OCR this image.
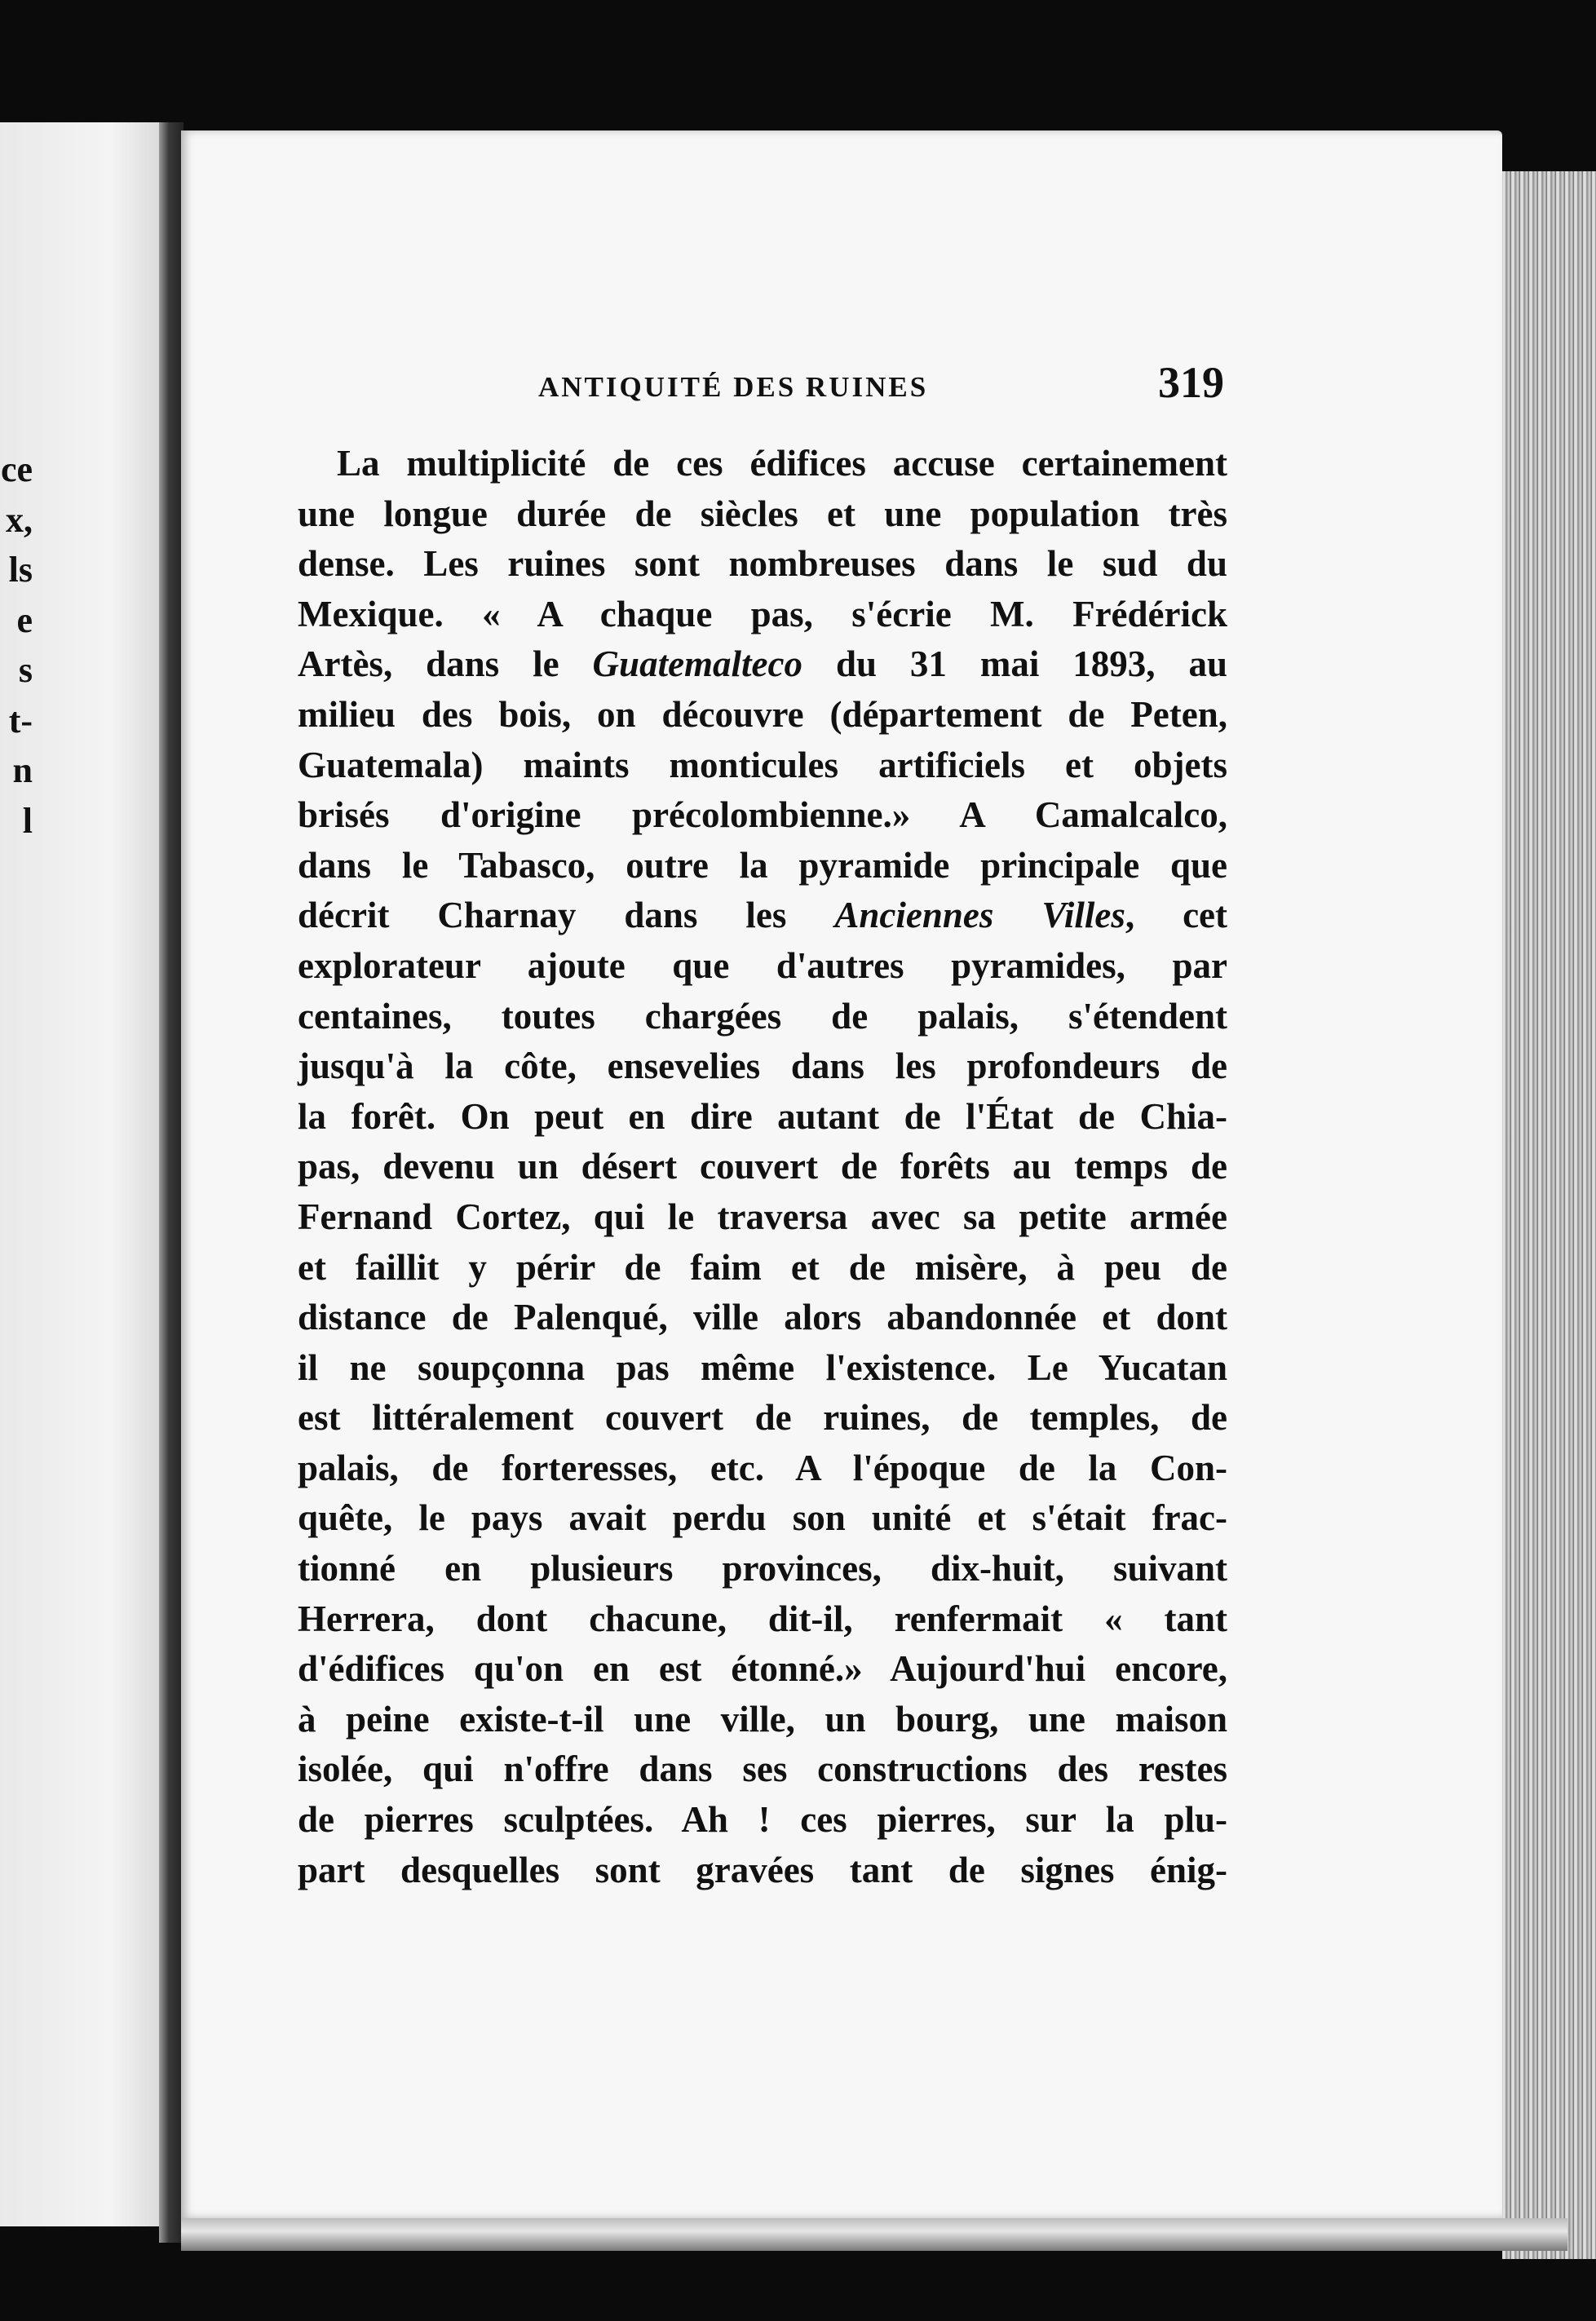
ce
x,
ls
e
s
t-
n
l
ANTIQUITÉ DES RUINES	319
La multiplicité de ces édifices accuse certainement
une longue durée de siècles et une population très
dense. Les ruines sont nombreuses dans le sud du
Mexique. « A chaque pas, s'écrie M. Frédérick
Artès, dans le Guatemalteco du 31 mai 1893, au
milieu des bois, on découvre (département de Peten,
Guatemala) maints monticules artificiels et objets
brisés d'origine précolombienne.» A Camalcalco,
dans le Tabasco, outre la pyramide principale que
décrit Charnay dans les Anciennes Villes, cet
explorateur ajoute que d'autres pyramides, par
centaines, toutes chargées de palais, s'étendent
jusqu'à la côte, ensevelies dans les profondeurs de
la forêt. On peut en dire autant de l'État de Chia-
pas, devenu un désert couvert de forêts au temps de
Fernand Cortez, qui le traversa avec sa petite armée
et faillit y périr de faim et de misère, à peu de
distance de Palenqué, ville alors abandonnée et dont
il ne soupçonna pas même l'existence. Le Yucatan
est littéralement couvert de ruines, de temples, de
palais, de forteresses, etc. A l'époque de la Con-
quête, le pays avait perdu son unité et s'était frac-
tionné en plusieurs provinces, dix-huit, suivant
Herrera, dont chacune, dit-il, renfermait « tant
d'édifices qu'on en est étonné.» Aujourd'hui encore,
à peine existe-t-il une ville, un bourg, une maison
isolée, qui n'offre dans ses constructions des restes
de pierres sculptées. Ah ! ces pierres, sur la plu-
part desquelles sont gravées tant de signes énig-
